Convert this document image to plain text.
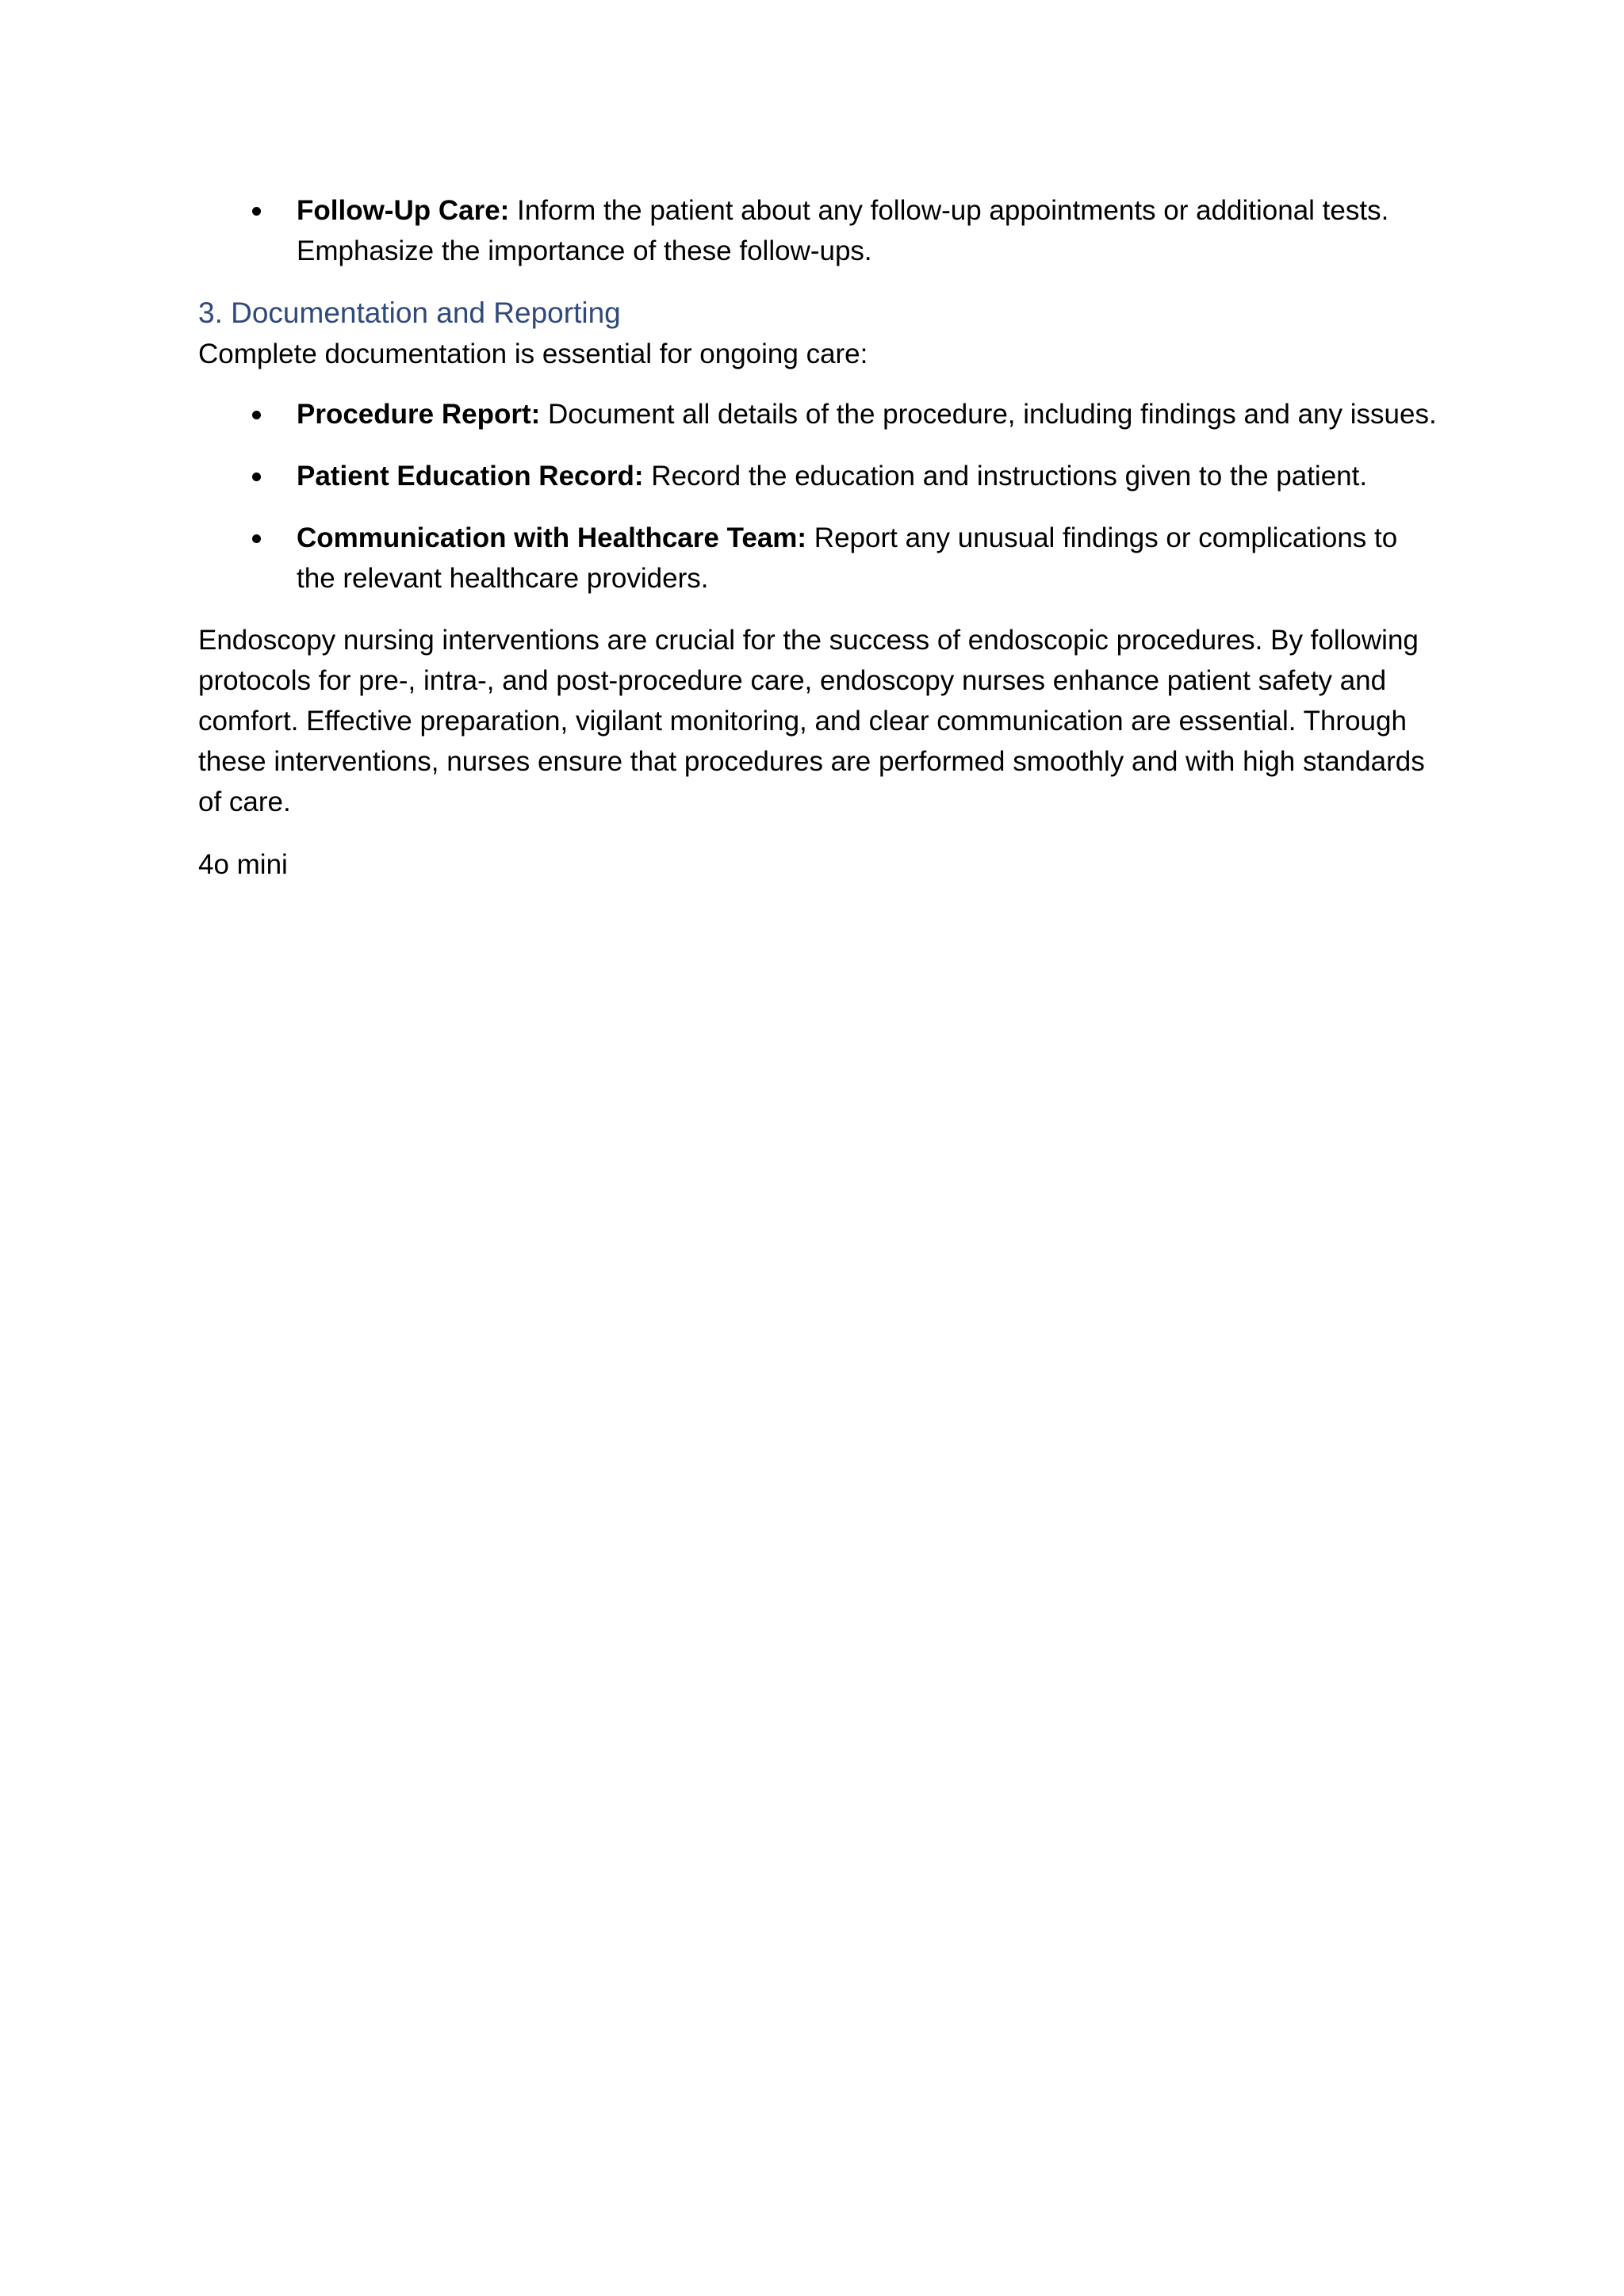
Follow-Up Care: Inform the patient about any follow-up appointments or additional tests. Emphasize the importance of these follow-ups.
3. Documentation and Reporting

Complete documentation is essential for ongoing care:

Procedure Report: Document all details of the procedure, including findings and any issues.
Patient Education Record: Record the education and instructions given to the patient.
Communication with Healthcare Team: Report any unusual findings or complications to the relevant healthcare providers.

Endoscopy nursing interventions are crucial for the success of endoscopic procedures. By following protocols for pre-, intra-, and post-procedure care, endoscopy nurses enhance patient safety and comfort. Effective preparation, vigilant monitoring, and clear communication are essential. Through these interventions, nurses ensure that procedures are performed smoothly and with high standards of care.

4o mini
